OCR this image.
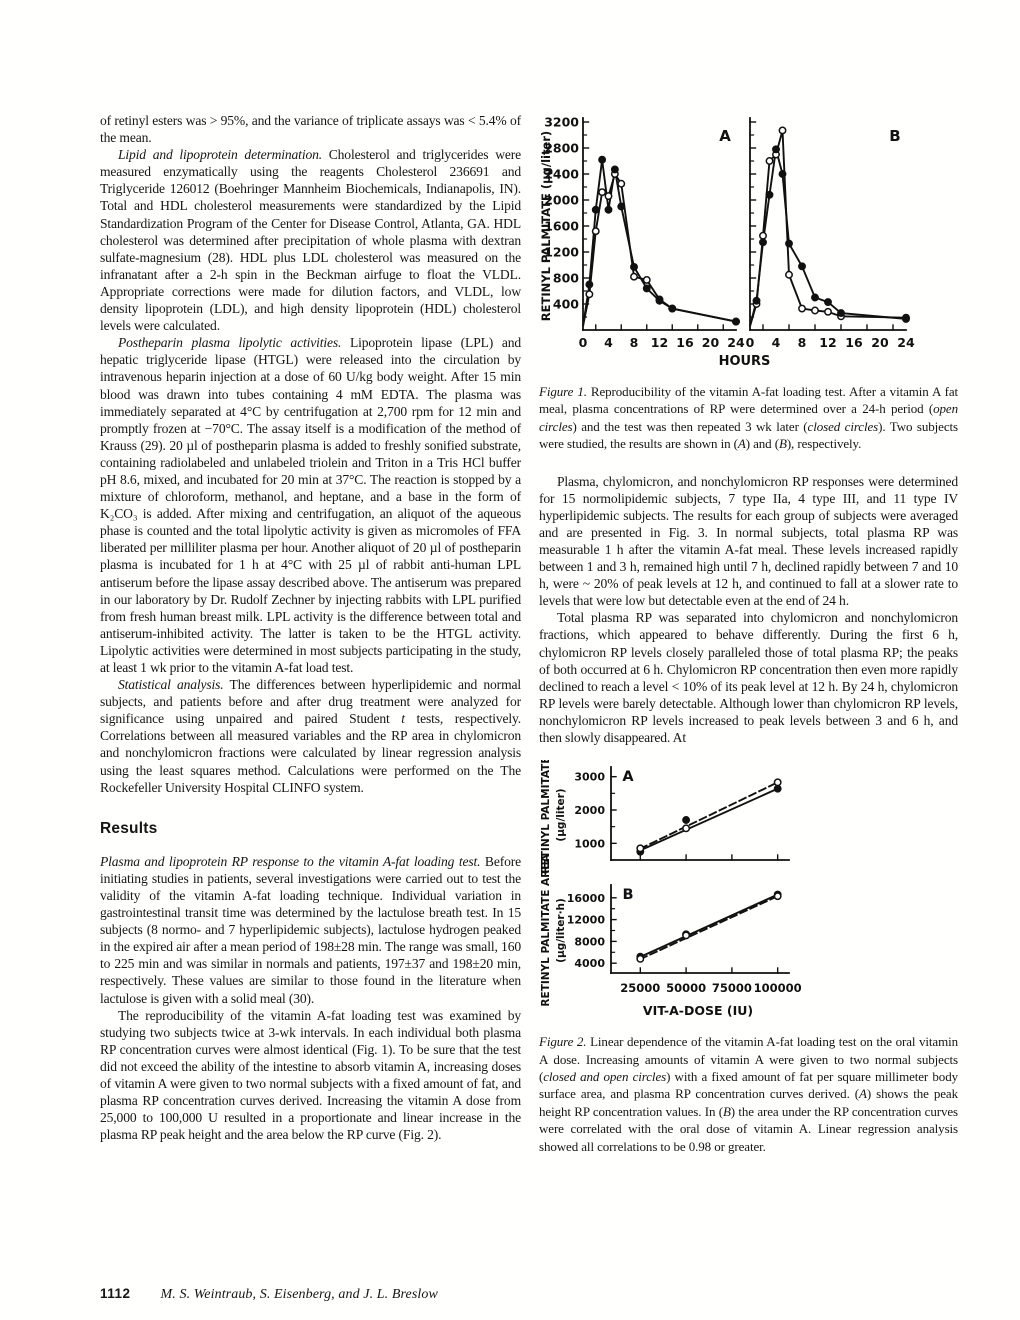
of retinyl esters was > 95%, and the variance of triplicate assays was < 5.4% of the mean.

Lipid and lipoprotein determination. Cholesterol and triglycerides were measured enzymatically using the reagents Cholesterol 236691 and Triglyceride 126012 (Boehringer Mannheim Biochemicals, Indianapolis, IN). Total and HDL cholesterol measurements were standardized by the Lipid Standardization Program of the Center for Disease Control, Atlanta, GA. HDL cholesterol was determined after precipitation of whole plasma with dextran sulfate-magnesium (28). HDL plus LDL cholesterol was measured on the infranatant after a 2-h spin in the Beckman airfuge to float the VLDL. Appropriate corrections were made for dilution factors, and VLDL, low density lipoprotein (LDL), and high density lipoprotein (HDL) cholesterol levels were calculated.

Postheparin plasma lipolytic activities. Lipoprotein lipase (LPL) and hepatic triglyceride lipase (HTGL) were released into the circulation by intravenous heparin injection at a dose of 60 U/kg body weight. After 15 min blood was drawn into tubes containing 4 mM EDTA. The plasma was immediately separated at 4°C by centrifugation at 2,700 rpm for 12 min and promptly frozen at −70°C. The assay itself is a modification of the method of Krauss (29). 20 µl of postheparin plasma is added to freshly sonified substrate, containing radiolabeled and unlabeled triolein and Triton in a Tris HCl buffer pH 8.6, mixed, and incubated for 20 min at 37°C. The reaction is stopped by a mixture of chloroform, methanol, and heptane, and a base in the form of K₂CO₃ is added. After mixing and centrifugation, an aliquot of the aqueous phase is counted and the total lipolytic activity is given as micromoles of FFA liberated per milliliter plasma per hour. Another aliquot of 20 µl of postheparin plasma is incubated for 1 h at 4°C with 25 µl of rabbit anti-human LPL antiserum before the lipase assay described above. The antiserum was prepared in our laboratory by Dr. Rudolf Zechner by injecting rabbits with LPL purified from fresh human breast milk. LPL activity is the difference between total and antiserum-inhibited activity. The latter is taken to be the HTGL activity. Lipolytic activities were determined in most subjects participating in the study, at least 1 wk prior to the vitamin A-fat load test.

Statistical analysis. The differences between hyperlipidemic and normal subjects, and patients before and after drug treatment were analyzed for significance using unpaired and paired Student t tests, respectively. Correlations between all measured variables and the RP area in chylomicron and nonchylomicron fractions were calculated by linear regression analysis using the least squares method. Calculations were performed on the The Rockefeller University Hospital CLINFO system.

Results

Plasma and lipoprotein RP response to the vitamin A-fat loading test. Before initiating studies in patients, several investigations were carried out to test the validity of the vitamin A-fat loading technique. Individual variation in gastrointestinal transit time was determined by the lactulose breath test. In 15 subjects (8 normo- and 7 hyperlipidemic subjects), lactulose hydrogen peaked in the expired air after a mean period of 198±28 min. The range was small, 160 to 225 min and was similar in normals and patients, 197±37 and 198±20 min, respectively. These values are similar to those found in the literature when lactulose is given with a solid meal (30).

The reproducibility of the vitamin A-fat loading test was examined by studying two subjects twice at 3-wk intervals. In each individual both plasma RP concentration curves were almost identical (Fig. 1). To be sure that the test did not exceed the ability of the intestine to absorb vitamin A, increasing doses of vitamin A were given to two normal subjects with a fixed amount of fat, and plasma RP concentration curves derived. Increasing the vitamin A dose from 25,000 to 100,000 U resulted in a proportionate and linear increase in the plasma RP peak height and the area below the RP curve (Fig. 2).

400
800
1200
1600
2000
2400
2800
3200
RETINYL PALMITATE (µg/liter)
0 4 8 12 16 20 24
A
0 4 8 12 16 20 24
B
HOURS

Figure 1. Reproducibility of the vitamin A-fat loading test. After a vitamin A fat meal, plasma concentrations of RP were determined over a 24-h period (open circles) and the test was then repeated 3 wk later (closed circles). Two subjects were studied, the results are shown in (A) and (B), respectively.

Plasma, chylomicron, and nonchylomicron RP responses were determined for 15 normolipidemic subjects, 7 type IIa, 4 type III, and 11 type IV hyperlipidemic subjects. The results for each group of subjects were averaged and are presented in Fig. 3. In normal subjects, total plasma RP was measurable 1 h after the vitamin A-fat meal. These levels increased rapidly between 1 and 3 h, remained high until 7 h, declined rapidly between 7 and 10 h, were ~ 20% of peak levels at 12 h, and continued to fall at a slower rate to levels that were low but detectable even at the end of 24 h.

Total plasma RP was separated into chylomicron and nonchylomicron fractions, which appeared to behave differently. During the first 6 h, chylomicron RP levels closely paralleled those of total plasma RP; the peaks of both occurred at 6 h. Chylomicron RP concentration then even more rapidly declined to reach a level < 10% of its peak level at 12 h. By 24 h, chylomicron RP levels were barely detectable. Although lower than chylomicron RP levels, nonchylomicron RP levels increased to peak levels between 3 and 6 h, and then slowly disappeared. At

1000
2000
3000 A
RETINYL PALMITATE (µg/liter)
4000
8000
12000
16000 B
RETINYL PALMITATE AREA (µg/liter·h)
25000 50000 75000 100000
VIT-A-DOSE (IU)

Figure 2. Linear dependence of the vitamin A-fat loading test on the oral vitamin A dose. Increasing amounts of vitamin A were given to two normal subjects (closed and open circles) with a fixed amount of fat per square millimeter body surface area, and plasma RP concentration curves derived. (A) shows the peak height RP concentration values. In (B) the area under the RP concentration curves were correlated with the oral dose of vitamin A. Linear regression analysis showed all correlations to be 0.98 or greater.

1112 M. S. Weintraub, S. Eisenberg, and J. L. Breslow
